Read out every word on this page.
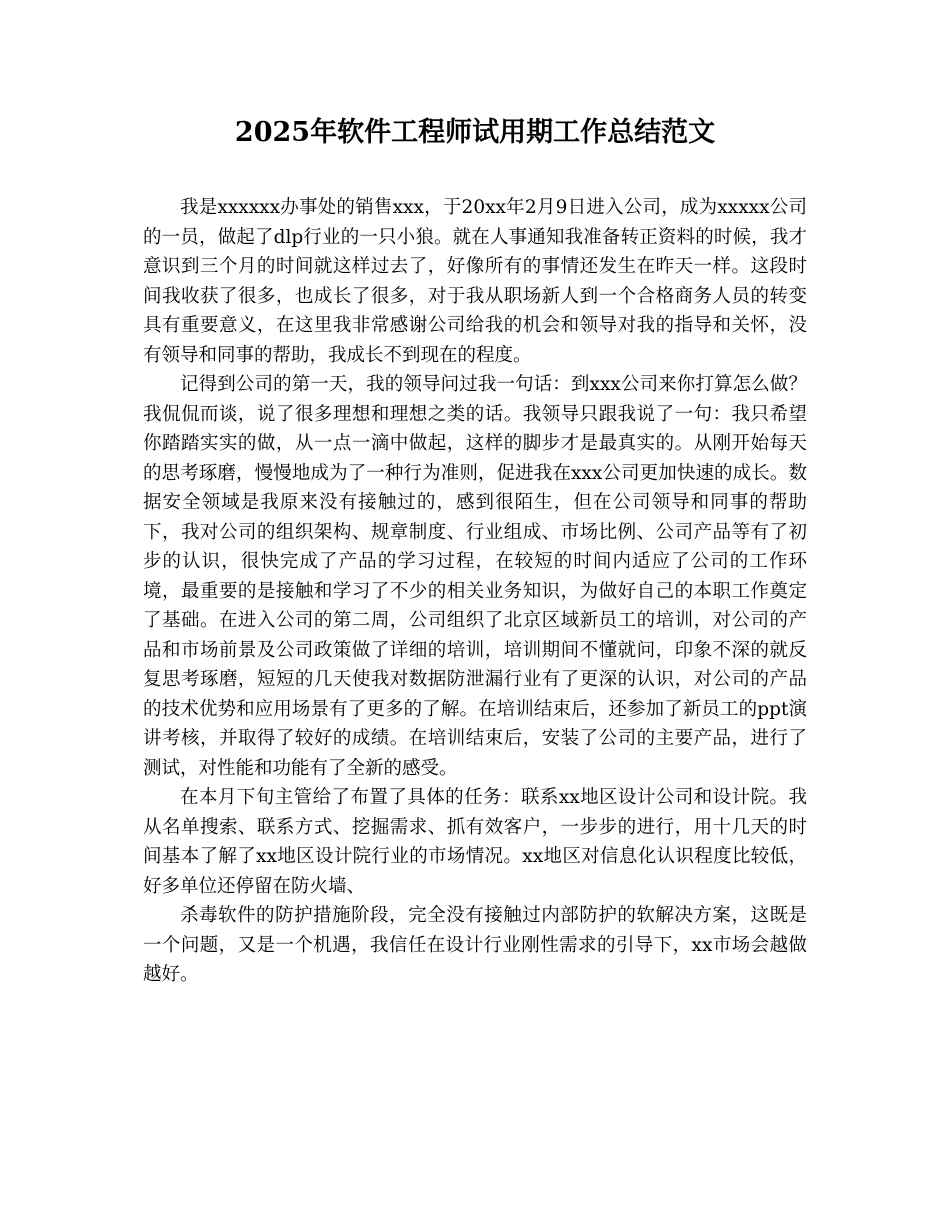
2025年软件工程师试用期工作总结范文

我是xxxxxx办事处的销售xxx，于20xx年2月9日进入公司，成为xxxxx公司的一员，做起了dlp行业的一只小狼。就在人事通知我准备转正资料的时候，我才意识到三个月的时间就这样过去了，好像所有的事情还发生在昨天一样。这段时间我收获了很多，也成长了很多，对于我从职场新人到一个合格商务人员的转变具有重要意义，在这里我非常感谢公司给我的机会和领导对我的指导和关怀，没有领导和同事的帮助，我成长不到现在的程度。

记得到公司的第一天，我的领导问过我一句话：到xxx公司来你打算怎么做？我侃侃而谈，说了很多理想和理想之类的话。我领导只跟我说了一句：我只希望你踏踏实实的做，从一点一滴中做起，这样的脚步才是最真实的。从刚开始每天的思考琢磨，慢慢地成为了一种行为准则，促进我在xxx公司更加快速的成长。数据安全领域是我原来没有接触过的，感到很陌生，但在公司领导和同事的帮助下，我对公司的组织架构、规章制度、行业组成、市场比例、公司产品等有了初步的认识，很快完成了产品的学习过程，在较短的时间内适应了公司的工作环境，最重要的是接触和学习了不少的相关业务知识，为做好自己的本职工作奠定了基础。在进入公司的第二周，公司组织了北京区域新员工的培训，对公司的产品和市场前景及公司政策做了详细的培训，培训期间不懂就问，印象不深的就反复思考琢磨，短短的几天使我对数据防泄漏行业有了更深的认识，对公司的产品的技术优势和应用场景有了更多的了解。在培训结束后，还参加了新员工的ppt演讲考核，并取得了较好的成绩。在培训结束后，安装了公司的主要产品，进行了测试，对性能和功能有了全新的感受。

在本月下旬主管给了布置了具体的任务：联系xx地区设计公司和设计院。我从名单搜索、联系方式、挖掘需求、抓有效客户，一步步的进行，用十几天的时间基本了解了xx地区设计院行业的市场情况。xx地区对信息化认识程度比较低，好多单位还停留在防火墙、

杀毒软件的防护措施阶段，完全没有接触过内部防护的软解决方案，这既是一个问题，又是一个机遇，我信任在设计行业刚性需求的引导下，xx市场会越做越好。
